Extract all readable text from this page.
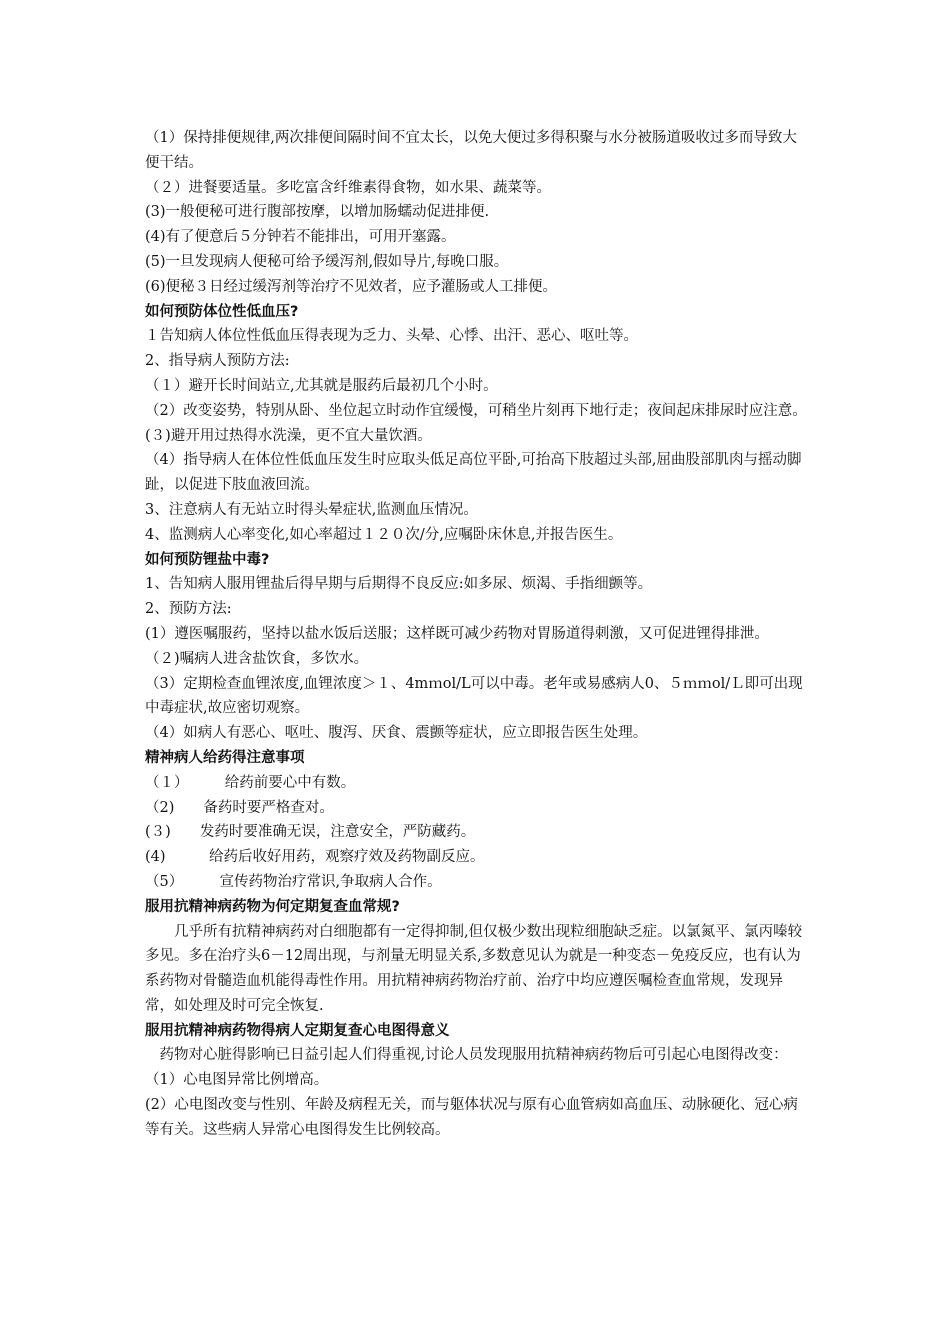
（1）保持排便规律,两次排便间隔时间不宜太长，以免大便过多得积聚与水分被肠道吸收过多而导致大便干结。

（２）进餐要适量。多吃富含纤维素得食物，如水果、蔬菜等。

(3)一般便秘可进行腹部按摩，以增加肠蠕动促进排便.

(4)有了便意后５分钟若不能排出，可用开塞露。

(5)一旦发现病人便秘可给予缓泻剂,假如导片,每晚口服。

(6)便秘３日经过缓泻剂等治疗不见效者，应予灌肠或人工排便。

如何预防体位性低血压?

１告知病人体位性低血压得表现为乏力、头晕、心悸、出汗、恶心、呕吐等。

2、指导病人预防方法:

（１）避开长时间站立,尤其就是服药后最初几个小时。

（2）改变姿势，特别从卧、坐位起立时动作宜缓慢，可稍坐片刻再下地行走；夜间起床排尿时应注意。

(３)避开用过热得水洗澡，更不宜大量饮酒。

（4）指导病人在体位性低血压发生时应取头低足高位平卧,可抬高下肢超过头部,屈曲股部肌肉与摇动脚趾，以促进下肢血液回流。

3、注意病人有无站立时得头晕症状,监测血压情况。

4、监测病人心率变化,如心率超过１２０次/分,应嘱卧床休息,并报告医生。

如何预防锂盐中毒?

1、告知病人服用锂盐后得早期与后期得不良反应:如多尿、烦渴、手指细颤等。

2、预防方法:

(1）遵医嘱服药，坚持以盐水饭后送服；这样既可减少药物对胃肠道得刺激，又可促进锂得排泄。

（２)嘱病人进含盐饮食，多饮水。

（3）定期检查血锂浓度,血锂浓度＞１、4mｍol/L可以中毒。老年或易感病人0、５ｍｍol/Ｌ即可出现中毒症状,故应密切观察。

（4）如病人有恶心、呕吐、腹泻、厌食、震颤等症状，应立即报告医生处理。

精神病人给药得注意事项

（１）　　　给药前要心中有数。

（2)　　备药时要严格查对。

(３)　　发药时要准确无误，注意安全，严防藏药。

(4)　　　给药后收好用药，观察疗效及药物副反应。

（5）　　　宣传药物治疗常识,争取病人合作。

服用抗精神病药物为何定期复查血常规?

几乎所有抗精神病药对白细胞都有一定得抑制,但仅极少数出现粒细胞缺乏症。以氯氮平、氯丙嗪较多见。多在治疗头6－12周出现，与剂量无明显关系,多数意见认为就是一种变态－免疫反应，也有认为系药物对骨髓造血机能得毒性作用。用抗精神病药物治疗前、治疗中均应遵医嘱检查血常规，发现异常，如处理及时可完全恢复.

服用抗精神病药物得病人定期复查心电图得意义

药物对心脏得影响已日益引起人们得重视,讨论人员发现服用抗精神病药物后可引起心电图得改变：

（1）心电图异常比例增高。

(2）心电图改变与性别、年龄及病程无关，而与躯体状况与原有心血管病如高血压、动脉硬化、冠心病等有关。这些病人异常心电图得发生比例较高。
